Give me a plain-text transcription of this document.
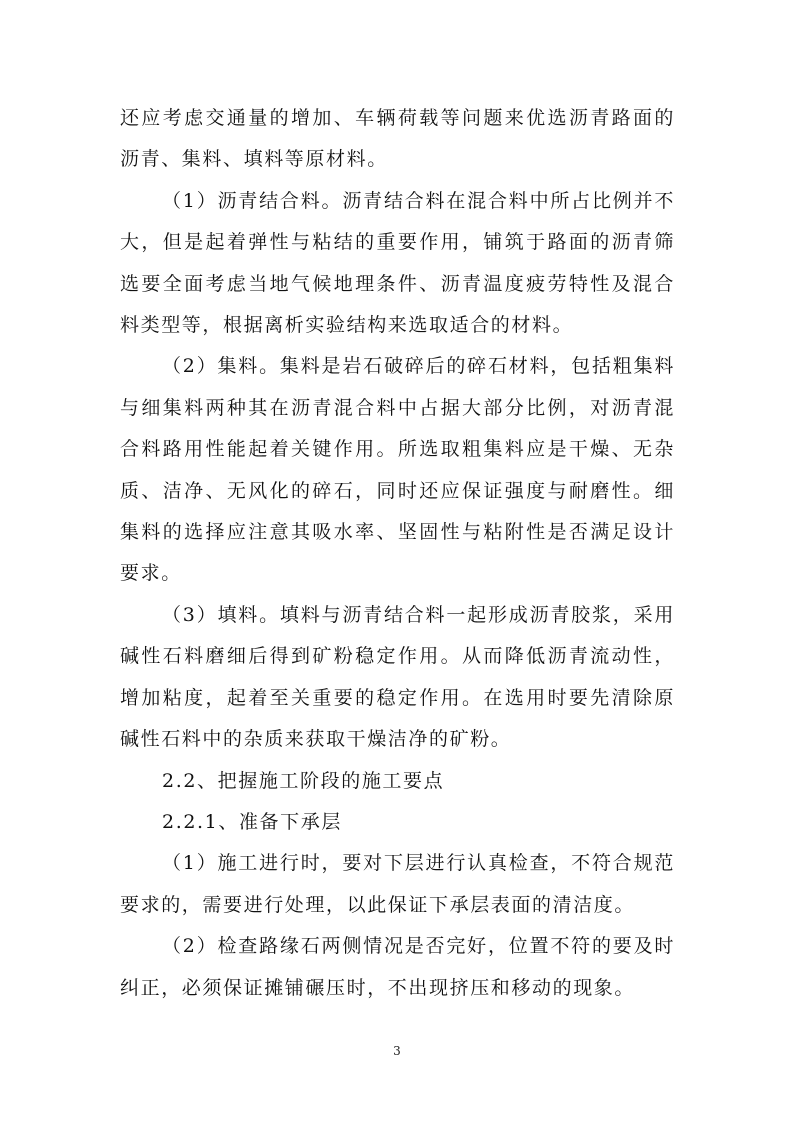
还应考虑交通量的增加、车辆荷载等问题来优选沥青路面的沥青、集料、填料等原材料。

（1）沥青结合料。沥青结合料在混合料中所占比例并不大，但是起着弹性与粘结的重要作用，铺筑于路面的沥青筛选要全面考虑当地气候地理条件、沥青温度疲劳特性及混合料类型等，根据离析实验结构来选取适合的材料。

（2）集料。集料是岩石破碎后的碎石材料，包括粗集料与细集料两种其在沥青混合料中占据大部分比例，对沥青混合料路用性能起着关键作用。所选取粗集料应是干燥、无杂质、洁净、无风化的碎石，同时还应保证强度与耐磨性。细集料的选择应注意其吸水率、坚固性与粘附性是否满足设计要求。

（3）填料。填料与沥青结合料一起形成沥青胶浆，采用碱性石料磨细后得到矿粉稳定作用。从而降低沥青流动性，增加粘度，起着至关重要的稳定作用。在选用时要先清除原碱性石料中的杂质来获取干燥洁净的矿粉。

2.2、把握施工阶段的施工要点

2.2.1、准备下承层

（1）施工进行时，要对下层进行认真检查，不符合规范要求的，需要进行处理，以此保证下承层表面的清洁度。

（2）检查路缘石两侧情况是否完好，位置不符的要及时纠正，必须保证摊铺碾压时，不出现挤压和移动的现象。

3
